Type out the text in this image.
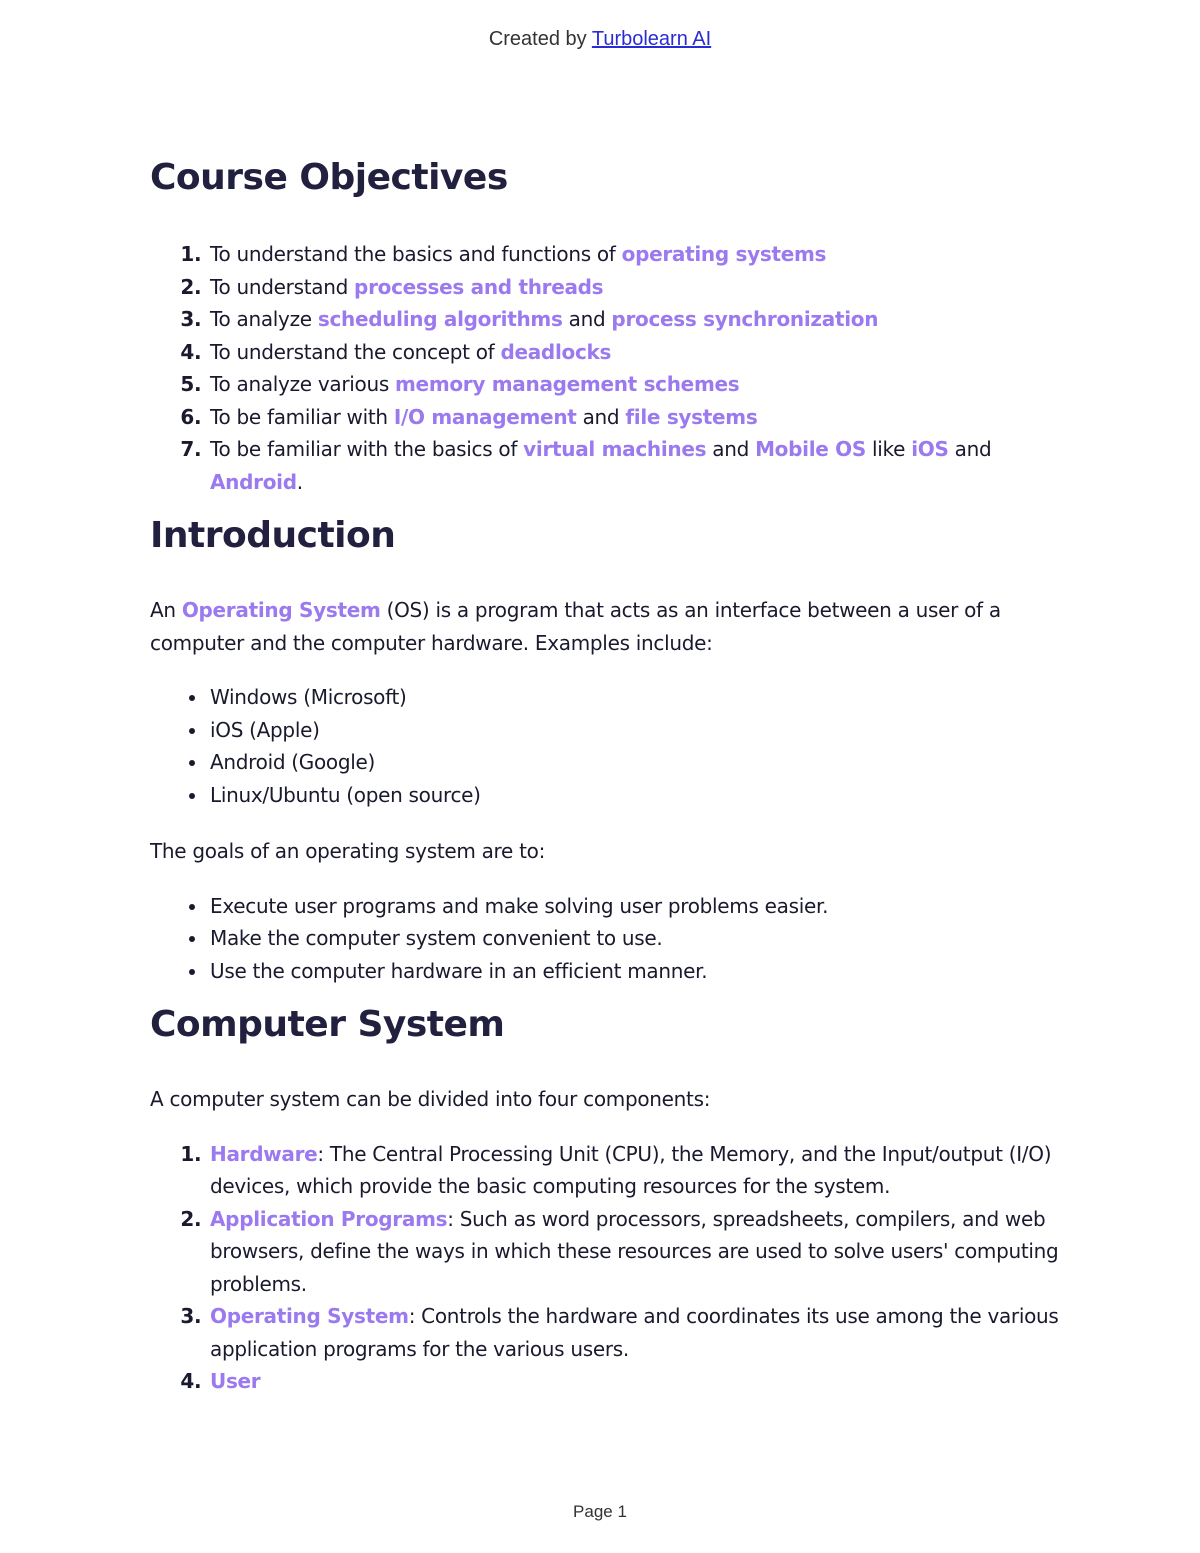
Created by Turbolearn AI
Course Objectives
1. To understand the basics and functions of operating systems
2. To understand processes and threads
3. To analyze scheduling algorithms and process synchronization
4. To understand the concept of deadlocks
5. To analyze various memory management schemes
6. To be familiar with I/O management and file systems
7. To be familiar with the basics of virtual machines and Mobile OS like iOS and Android.
Introduction

An Operating System (OS) is a program that acts as an interface between a user of a computer and the computer hardware. Examples include:

• Windows (Microsoft)
• iOS (Apple)
• Android (Google)
• Linux/Ubuntu (open source)

The goals of an operating system are to:

• Execute user programs and make solving user problems easier.
• Make the computer system convenient to use.
• Use the computer hardware in an efficient manner.
Computer System

A computer system can be divided into four components:

1. Hardware: The Central Processing Unit (CPU), the Memory, and the Input/output (I/O) devices, which provide the basic computing resources for the system.
2. Application Programs: Such as word processors, spreadsheets, compilers, and web browsers, define the ways in which these resources are used to solve users' computing problems.
3. Operating System: Controls the hardware and coordinates its use among the various application programs for the various users.
4. User
Page 1
